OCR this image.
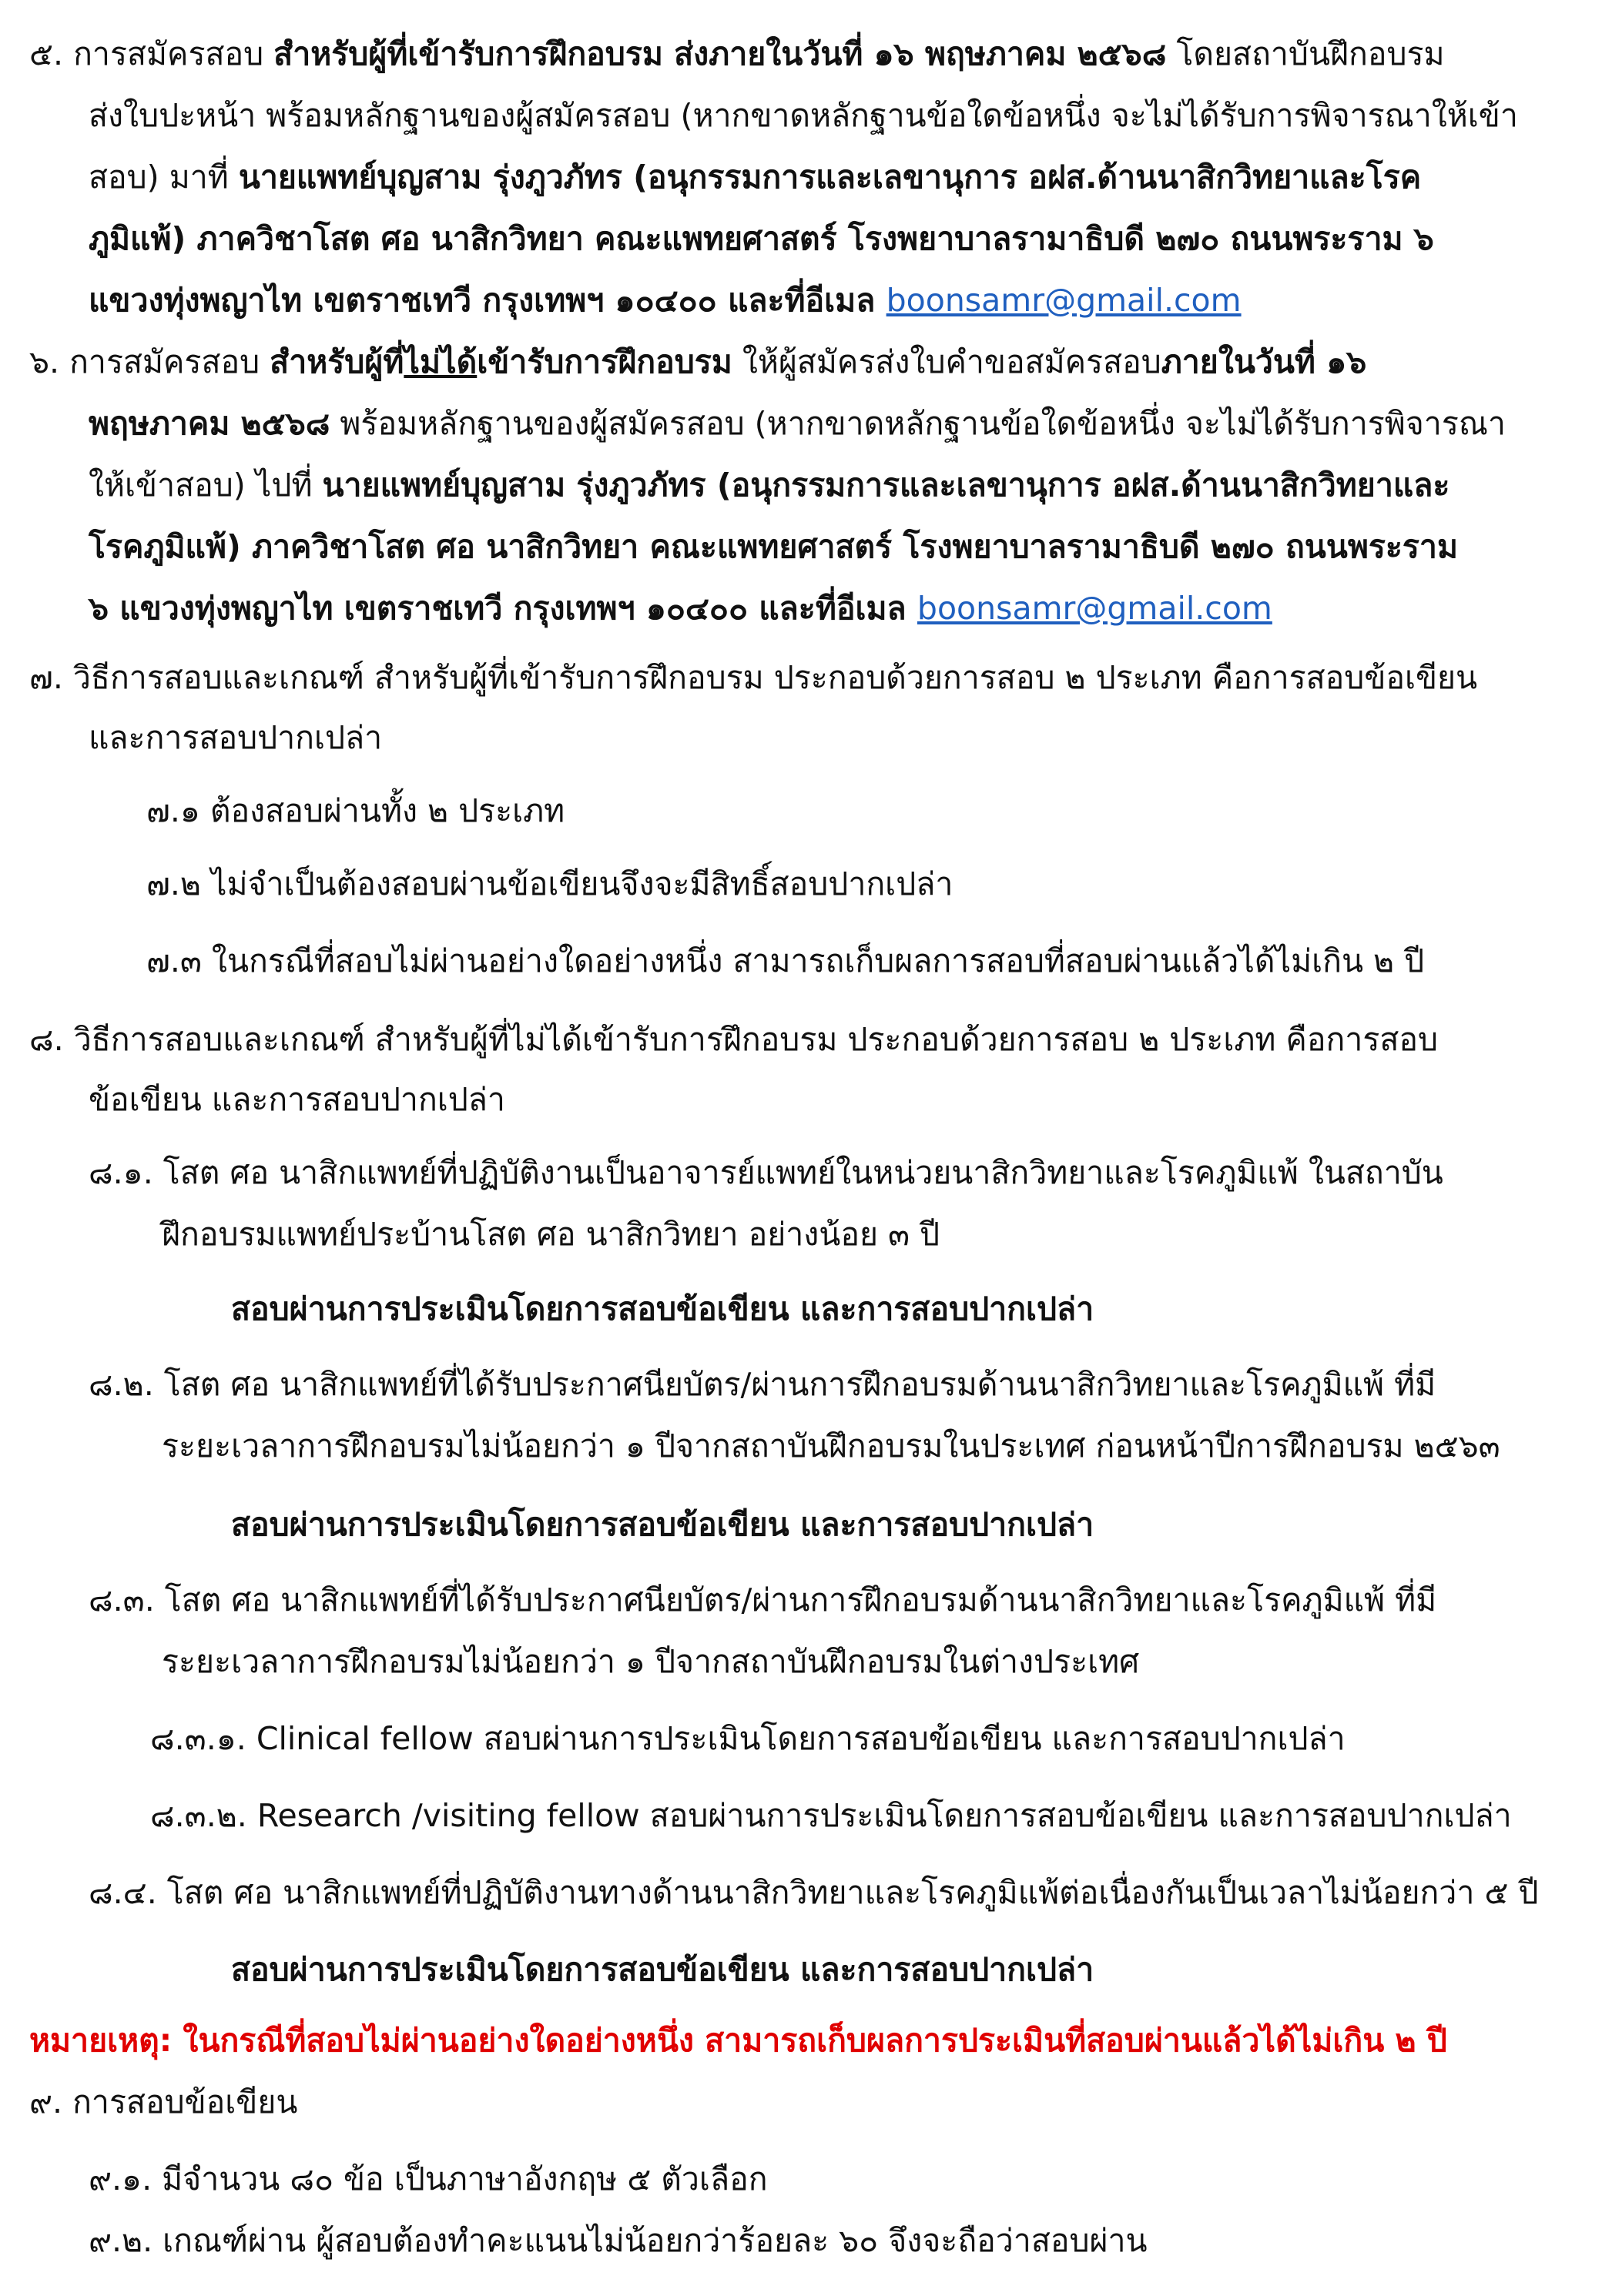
๕. การสมัครสอบ สำหรับผู้ที่เข้ารับการฝึกอบรม ส่งภายในวันที่ ๑๖ พฤษภาคม ๒๕๖๘ โดยสถาบันฝึกอบรม
ส่งใบปะหน้า พร้อมหลักฐานของผู้สมัครสอบ (หากขาดหลักฐานข้อใดข้อหนึ่ง จะไม่ได้รับการพิจารณาให้เข้า
สอบ) มาที่ นายแพทย์บุญสาม รุ่งภูวภัทร (อนุกรรมการและเลขานุการ อฝส.ด้านนาสิกวิทยาและโรค
ภูมิแพ้) ภาควิชาโสต ศอ นาสิกวิทยา คณะแพทยศาสตร์ โรงพยาบาลรามาธิบดี ๒๗๐ ถนนพระราม ๖
แขวงทุ่งพญาไท เขตราชเทวี กรุงเทพฯ ๑๐๔๐๐ และที่อีเมล boonsamr@gmail.com
๖. การสมัครสอบ สำหรับผู้ที่ไม่ได้เข้ารับการฝึกอบรม ให้ผู้สมัครส่งใบคำขอสมัครสอบภายในวันที่ ๑๖
พฤษภาคม ๒๕๖๘ พร้อมหลักฐานของผู้สมัครสอบ (หากขาดหลักฐานข้อใดข้อหนึ่ง จะไม่ได้รับการพิจารณา
ให้เข้าสอบ) ไปที่ นายแพทย์บุญสาม รุ่งภูวภัทร (อนุกรรมการและเลขานุการ อฝส.ด้านนาสิกวิทยาและ
โรคภูมิแพ้) ภาควิชาโสต ศอ นาสิกวิทยา คณะแพทยศาสตร์ โรงพยาบาลรามาธิบดี ๒๗๐ ถนนพระราม
๖ แขวงทุ่งพญาไท เขตราชเทวี กรุงเทพฯ ๑๐๔๐๐ และที่อีเมล boonsamr@gmail.com
๗. วิธีการสอบและเกณฑ์ สำหรับผู้ที่เข้ารับการฝึกอบรม ประกอบด้วยการสอบ ๒ ประเภท คือการสอบข้อเขียน
และการสอบปากเปล่า
๗.๑ ต้องสอบผ่านทั้ง ๒ ประเภท
๗.๒ ไม่จำเป็นต้องสอบผ่านข้อเขียนจึงจะมีสิทธิ์สอบปากเปล่า
๗.๓ ในกรณีที่สอบไม่ผ่านอย่างใดอย่างหนึ่ง สามารถเก็บผลการสอบที่สอบผ่านแล้วได้ไม่เกิน ๒ ปี
๘. วิธีการสอบและเกณฑ์ สำหรับผู้ที่ไม่ได้เข้ารับการฝึกอบรม ประกอบด้วยการสอบ ๒ ประเภท คือการสอบ
ข้อเขียน และการสอบปากเปล่า
๘.๑. โสต ศอ นาสิกแพทย์ที่ปฏิบัติงานเป็นอาจารย์แพทย์ในหน่วยนาสิกวิทยาและโรคภูมิแพ้ ในสถาบัน
ฝึกอบรมแพทย์ประบ้านโสต ศอ นาสิกวิทยา อย่างน้อย ๓ ปี
สอบผ่านการประเมินโดยการสอบข้อเขียน และการสอบปากเปล่า
๘.๒. โสต ศอ นาสิกแพทย์ที่ได้รับประกาศนียบัตร/ผ่านการฝึกอบรมด้านนาสิกวิทยาและโรคภูมิแพ้ ที่มี
ระยะเวลาการฝึกอบรมไม่น้อยกว่า ๑ ปีจากสถาบันฝึกอบรมในประเทศ ก่อนหน้าปีการฝึกอบรม ๒๕๖๓
สอบผ่านการประเมินโดยการสอบข้อเขียน และการสอบปากเปล่า
๘.๓. โสต ศอ นาสิกแพทย์ที่ได้รับประกาศนียบัตร/ผ่านการฝึกอบรมด้านนาสิกวิทยาและโรคภูมิแพ้ ที่มี
ระยะเวลาการฝึกอบรมไม่น้อยกว่า ๑ ปีจากสถาบันฝึกอบรมในต่างประเทศ
๘.๓.๑. Clinical fellow สอบผ่านการประเมินโดยการสอบข้อเขียน และการสอบปากเปล่า
๘.๓.๒. Research /visiting fellow สอบผ่านการประเมินโดยการสอบข้อเขียน และการสอบปากเปล่า
๘.๔. โสต ศอ นาสิกแพทย์ที่ปฏิบัติงานทางด้านนาสิกวิทยาและโรคภูมิแพ้ต่อเนื่องกันเป็นเวลาไม่น้อยกว่า ๕ ปี
สอบผ่านการประเมินโดยการสอบข้อเขียน และการสอบปากเปล่า
หมายเหตุ: ในกรณีที่สอบไม่ผ่านอย่างใดอย่างหนึ่ง สามารถเก็บผลการประเมินที่สอบผ่านแล้วได้ไม่เกิน ๒ ปี
๙. การสอบข้อเขียน
๙.๑. มีจำนวน ๘๐ ข้อ เป็นภาษาอังกฤษ ๕ ตัวเลือก
๙.๒. เกณฑ์ผ่าน ผู้สอบต้องทำคะแนนไม่น้อยกว่าร้อยละ ๖๐ จึงจะถือว่าสอบผ่าน
